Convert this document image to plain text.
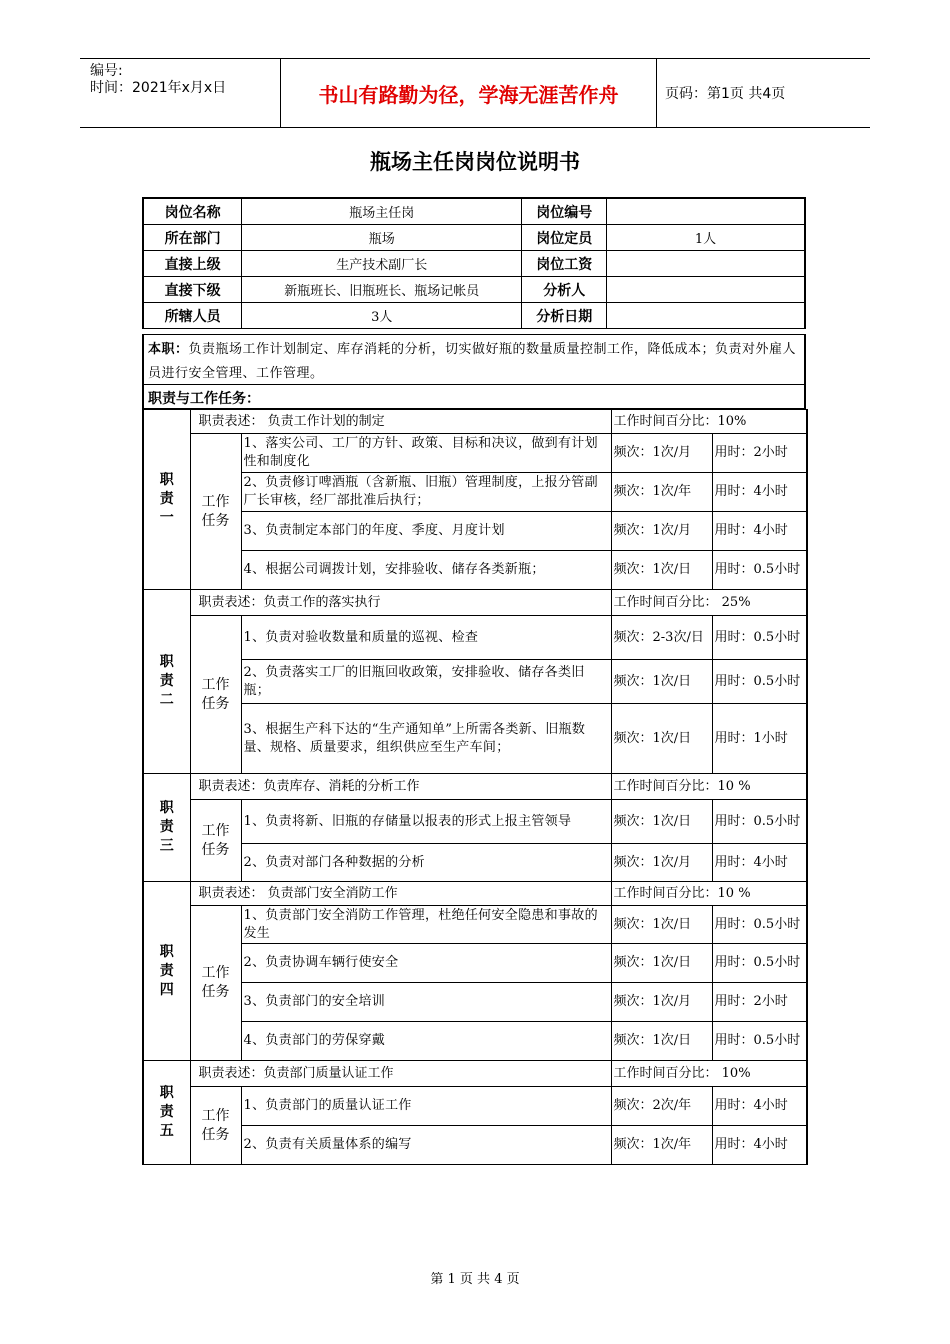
编号:
时间：2021年x月x日	书山有路勤为径，学海无涯苦作舟	页码：第1页 共4页
瓶场主任岗岗位说明书
岗位名称	瓶场主任岗	岗位编号	
所在部门	瓶场	岗位定员	1人
直接上级	生产技术副厂长	岗位工资	
直接下级	新瓶班长、旧瓶班长、瓶场记帐员	分析人	
所辖人员	3人	分析日期	
本职：负责瓶场工作计划制定、库存消耗的分析，切实做好瓶的数量质量控制工作，降低成本；负责对外雇人员进行安全管理、工作管理。
职责与工作任务：
职责一	职责表述： 负责工作计划的制定		工作时间百分比：10%	

	工作任务	1、落实公司、工厂的方针、政策、目标和决议，做到有计划性和制度化	频次：1次/月	用时：2小时
		2、负责修订啤酒瓶（含新瓶、旧瓶）管理制度，上报分管副厂长审核，经厂部批准后执行；	频次：1次/年	用时：4小时
		3、负责制定本部门的年度、季度、月度计划	频次：1次/月	用时：4小时
		4、根据公司调拨计划，安排验收、储存各类新瓶；	频次：1次/日	用时：0.5小时

职责二	职责表述：负责工作的落实执行		工作时间百分比： 25%	

	工作任务	1、负责对验收数量和质量的巡视、检查	频次：2-3次/日	用时：0.5小时
		2、负责落实工厂的旧瓶回收政策，安排验收、储存各类旧瓶；	频次：1次/日	用时：0.5小时
		3、根据生产科下达的“生产通知单”上所需各类新、旧瓶数量、规格、质量要求，组织供应至生产车间；	频次：1次/日	用时：1小时

职责三	职责表述：负责库存、消耗的分析工作		工作时间百分比：10 %	

	工作任务	1、负责将新、旧瓶的存储量以报表的形式上报主管领导	频次：1次/日	用时：0.5小时
		2、负责对部门各种数据的分析	频次：1次/月	用时：4小时

职责四	职责表述： 负责部门安全消防工作		工作时间百分比：10 %	

	工作任务	1、负责部门安全消防工作管理，杜绝任何安全隐患和事故的发生	频次：1次/日	用时：0.5小时
		2、负责协调车辆行使安全	频次：1次/日	用时：0.5小时
		3、负责部门的安全培训	频次：1次/月	用时：2小时
		4、负责部门的劳保穿戴	频次：1次/日	用时：0.5小时

职责五	职责表述：负责部门质量认证工作		工作时间百分比： 10%	

	工作任务	1、负责部门的质量认证工作	频次：2次/年	用时：4小时
		2、负责有关质量体系的编写	频次：1次/年	用时：4小时
第 1 页 共 4 页
